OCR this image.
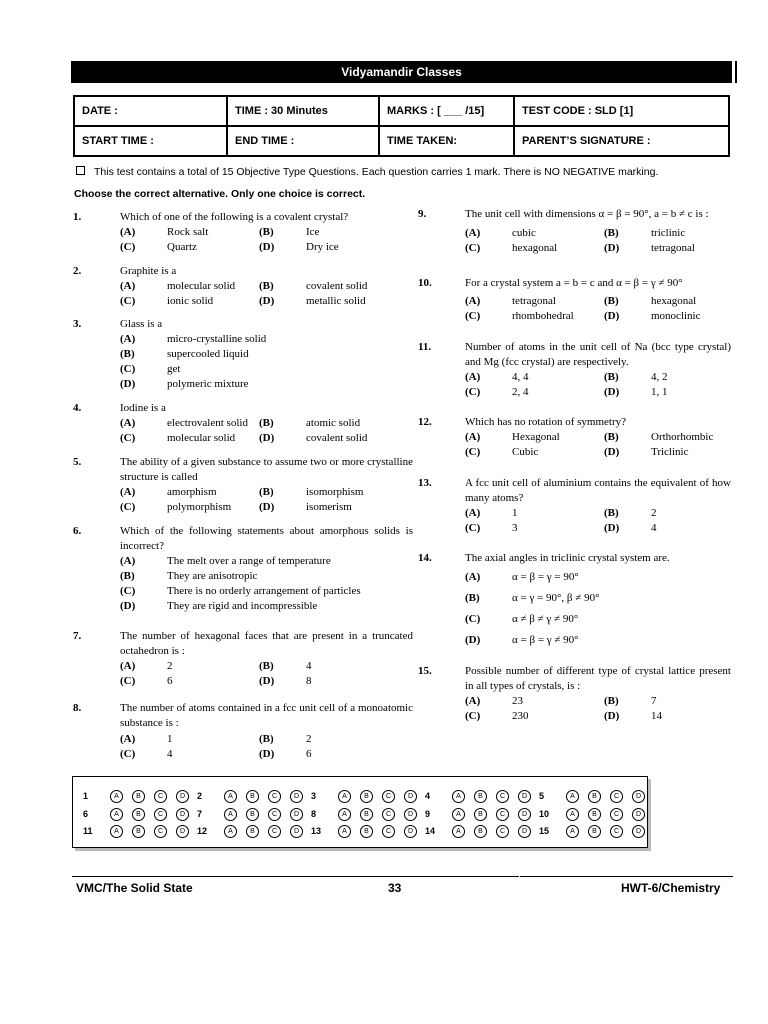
Vidyamandir Classes
DATE :	TIME : 30 Minutes	MARKS : [ ___ /15]	TEST CODE : SLD [1]
START TIME :	END TIME :	TIME TAKEN:	PARENT’S SIGNATURE :
This test contains a total of 15 Objective Type Questions. Each question carries 1 mark. There is NO NEGATIVE marking.
Choose the correct alternative. Only one choice is correct.
1.	Which of one of the following is a covalent crystal?
(A)	Rock salt	(B)	Ice
(C)	Quartz	(D)	Dry ice
2.	Graphite is a
(A)	molecular solid (B)	covalent solid
(C)	ionic solid	(D)	metallic solid
3.	Glass is a
(A)	micro-crystalline solid
(B)	supercooled liquid
(C)	get
(D)	polymeric mixture
4.	Iodine is a
(A)	electrovalent solid (B)	atomic solid
(C)	molecular solid (D)	covalent solid
5.	The ability of a given substance to assume two or more crystalline structure is called
(A)	amorphism	(B)	isomorphism
(C)	polymorphism	(D)	isomerism
6.	Which of the following statements about amorphous solids is incorrect?
(A)	The melt over a range of temperature
(B)	They are anisotropic
(C)	There is no orderly arrangement of particles
(D)	They are rigid and incompressible
7.	The number of hexagonal faces that are present in a truncated octahedron is :
(A)	2	(B)	4
(C)	6	(D)	8
8.	The number of atoms contained in a fcc unit cell of a monoatomic substance is :
(A)	1	(B)	2
(C)	4	(D)	6
9.	The unit cell with dimensions α = β = 90°, a = b ≠ c is :
(A)	cubic	(B)	triclinic
(C)	hexagonal	(D)	tetragonal
10.	For a crystal system a = b = c and α = β = γ ≠ 90°
(A)	tetragonal	(B)	hexagonal
(C)	rhombohedral	(D)	monoclinic
11.	Number of atoms in the unit cell of Na (bcc type crystal) and Mg (fcc crystal) are respectively.
(A)	4, 4	(B)	4, 2
(C)	2, 4	(D)	1, 1
12.	Which has no rotation of symmetry?
(A)	Hexagonal	(B)	Orthorhombic
(C)	Cubic	(D)	Triclinic
13.	A fcc unit cell of aluminium contains the equivalent of how many atoms?
(A)	1	(B)	2
(C)	3	(D)	4
14.	The axial angles in triclinic crystal system are.
(A)	α = β = γ = 90°
(B)	α = γ = 90°, β ≠ 90°
(C)	α ≠ β ≠ γ ≠ 90°
(D)	α = β = γ ≠ 90°
15.	Possible number of different type of crystal lattice present in all types of crystals, is :
(A)	23	(B)	7
(C)	230	(D)	14
1	A	B	C	D	2	A	B	C	D	3	A	B	C	D	4	A	B	C	D	5	A	B	C	D
6	A	B	C	D	7	A	B	C	D	8	A	B	C	D	9	A	B	C	D	10	A	B	C	D
11	A	B	C	D	12	A	B	C	D	13	A	B	C	D	14	A	B	C	D	15	A	B	C	D
VMC/The Solid State	33	HWT-6/Chemistry
